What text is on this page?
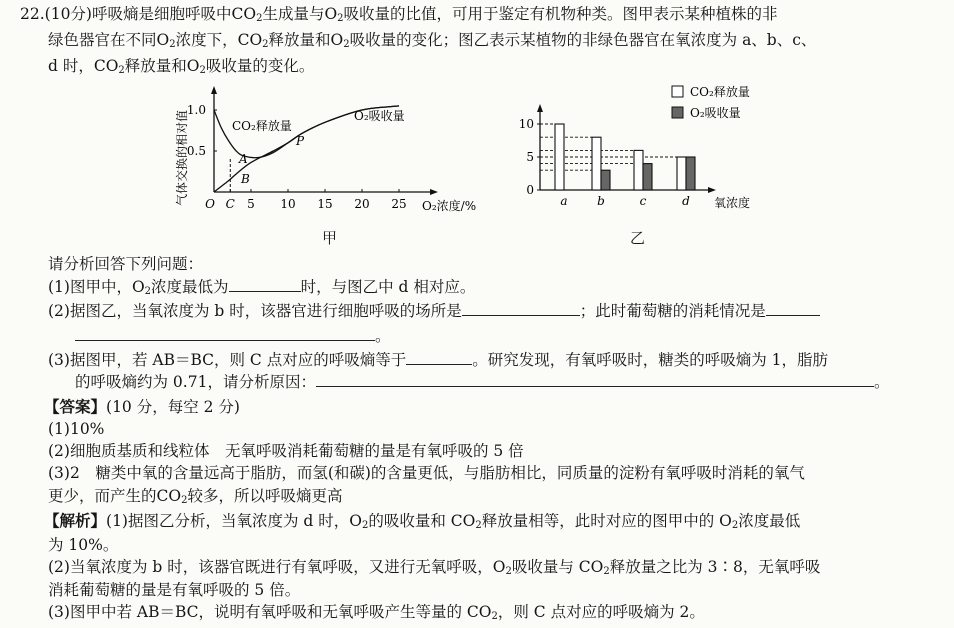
22.(10分)呼吸熵是细胞呼吸中$CO_2$生成量与$O_2$吸收量的比值，可用于鉴定有机物种类。图甲表示某种植株的非
绿色器官在不同$O_2$浓度下，$CO_2$释放量和$O_2$吸收量的变化；图乙表示某植物的非绿色器官在氧浓度为 a、b、c、
d 时，$CO_2$释放量和$O_2$吸收量的变化。
气体交换的相对值 O C 5 10 15 20 25
1.0
0.5
O₂浓度/%
CO₂释放量
O₂吸收量
A
B
P
甲
a b	c	d
10
5
0
氧浓度
CO₂释放量
O₂吸收量
乙
请分析回答下列问题：
(1)图甲中，$O_2$浓度最低为	时，与图乙中 d 相对应。
(2)据图乙，当氧浓度为 b 时，该器官进行细胞呼吸的场所是	；此时葡萄糖的消耗情况是
。
(3)据图甲，若 AB＝BC，则 C 点对应的呼吸熵等于	。研究发现，有氧呼吸时，糖类的呼吸熵为 1，脂肪
的呼吸熵约为 0.71，请分析原因：	。
【答案】(10 分，每空 2 分)
(1)10%
(2)细胞质基质和线粒体　无氧呼吸消耗葡萄糖的量是有氧呼吸的 5 倍
(3)2　糖类中氧的含量远高于脂肪，而氢(和碳)的含量更低，与脂肪相比，同质量的淀粉有氧呼吸时消耗的氧气
更少，而产生的$CO_2$较多，所以呼吸熵更高
【解析】(1)据图乙分析，当氧浓度为 d 时，$O_2$的吸收量和 $CO_2$释放量相等，此时对应的图甲中的 $O_2$浓度最低
为 10%。
(2)当氧浓度为 b 时，该器官既进行有氧呼吸，又进行无氧呼吸，$O_2$吸收量与 $CO_2$释放量之比为 3∶8，无氧呼吸
消耗葡萄糖的量是有氧呼吸的 5 倍。
(3)图甲中若 AB＝BC，说明有氧呼吸和无氧呼吸产生等量的 $CO_2$，则 C 点对应的呼吸熵为 2。
